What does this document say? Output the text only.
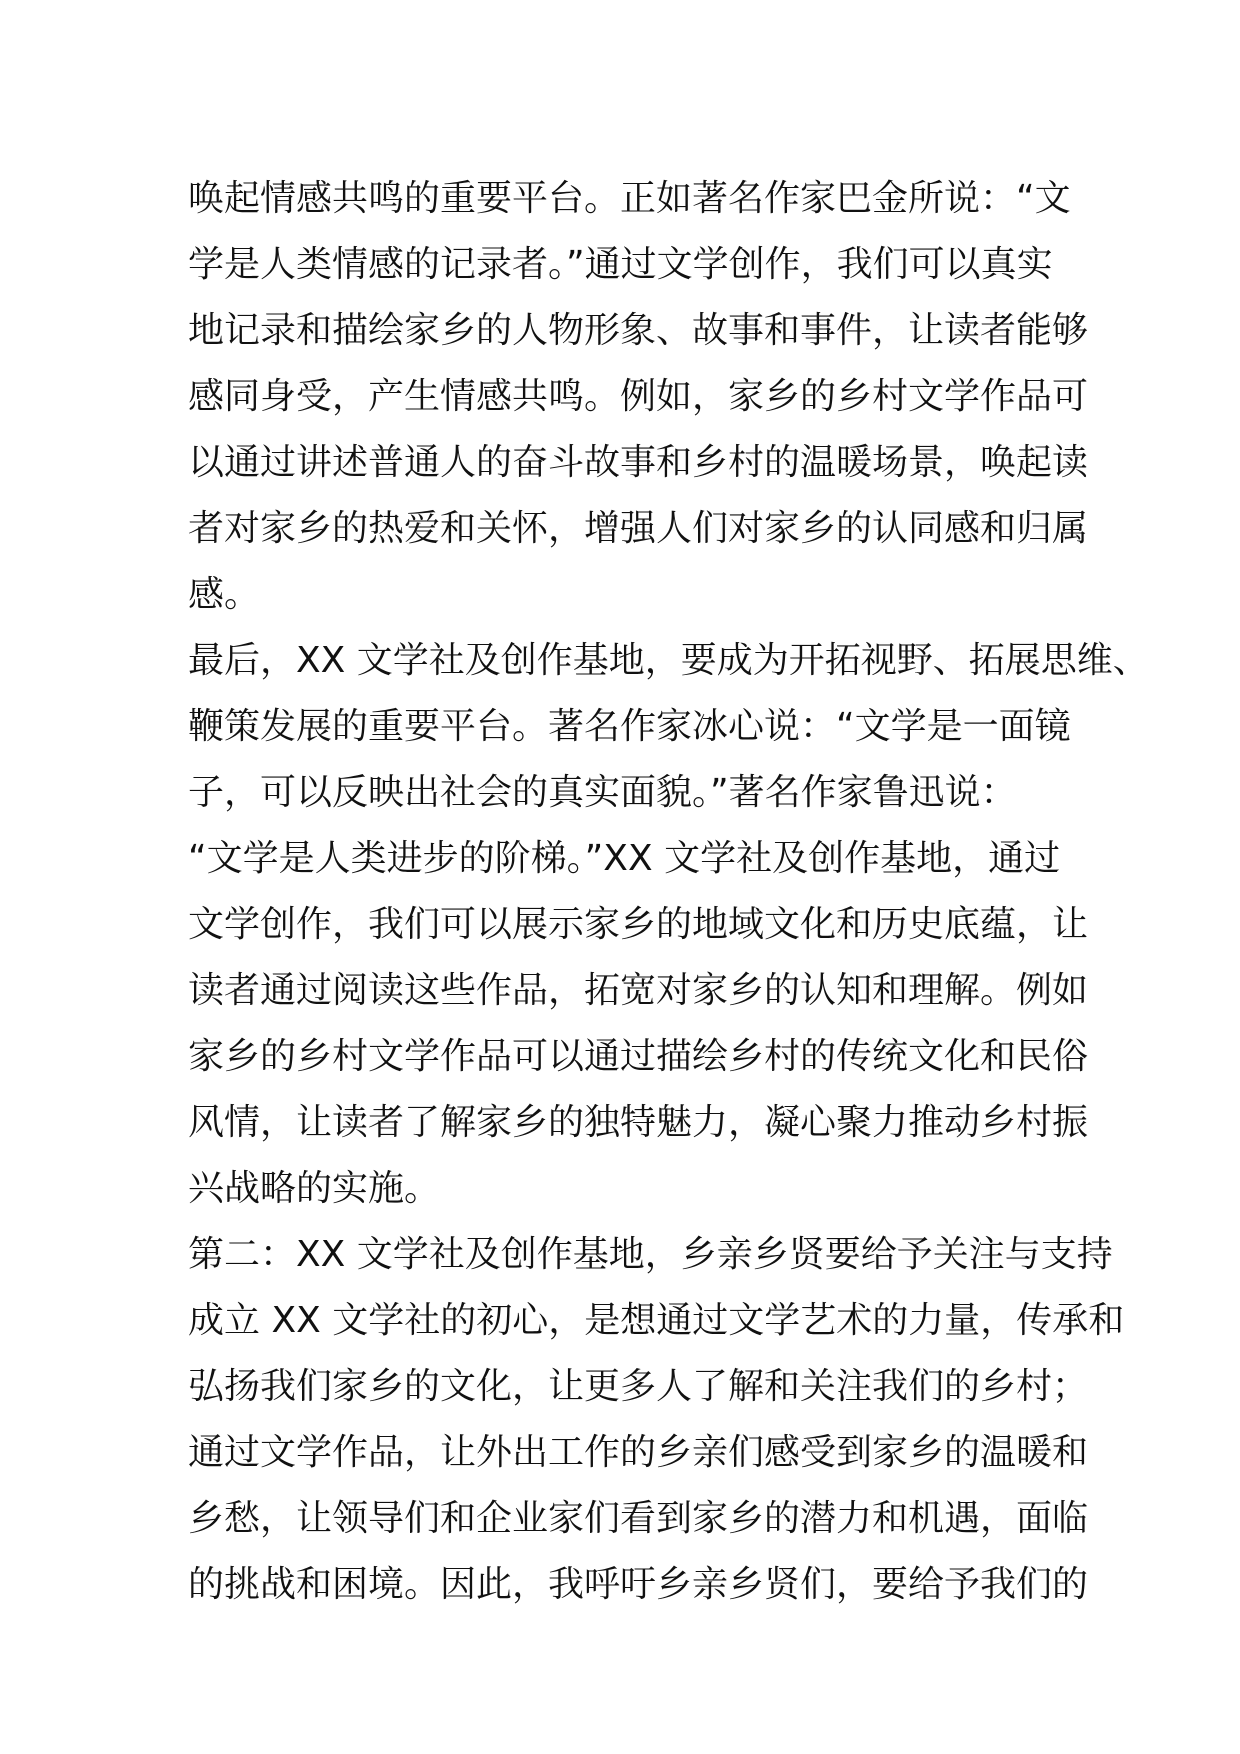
唤起情感共鸣的重要平台。正如著名作家巴金所说：“文
学是人类情感的记录者。”通过文学创作，我们可以真实
地记录和描绘家乡的人物形象、故事和事件，让读者能够
感同身受，产生情感共鸣。例如，家乡的乡村文学作品可
以通过讲述普通人的奋斗故事和乡村的温暖场景，唤起读
者对家乡的热爱和关怀，增强人们对家乡的认同感和归属
感。
最后，XX 文学社及创作基地，要成为开拓视野、拓展思维、
鞭策发展的重要平台。著名作家冰心说：“文学是一面镜
子，可以反映出社会的真实面貌。”著名作家鲁迅说：
“文学是人类进步的阶梯。”XX 文学社及创作基地，通过
文学创作，我们可以展示家乡的地域文化和历史底蕴，让
读者通过阅读这些作品，拓宽对家乡的认知和理解。例如
家乡的乡村文学作品可以通过描绘乡村的传统文化和民俗
风情，让读者了解家乡的独特魅力，凝心聚力推动乡村振
兴战略的实施。
第二：XX 文学社及创作基地，乡亲乡贤要给予关注与支持
成立 XX 文学社的初心，是想通过文学艺术的力量，传承和
弘扬我们家乡的文化，让更多人了解和关注我们的乡村；
通过文学作品，让外出工作的乡亲们感受到家乡的温暖和
乡愁，让领导们和企业家们看到家乡的潜力和机遇，面临
的挑战和困境。因此，我呼吁乡亲乡贤们，要给予我们的
